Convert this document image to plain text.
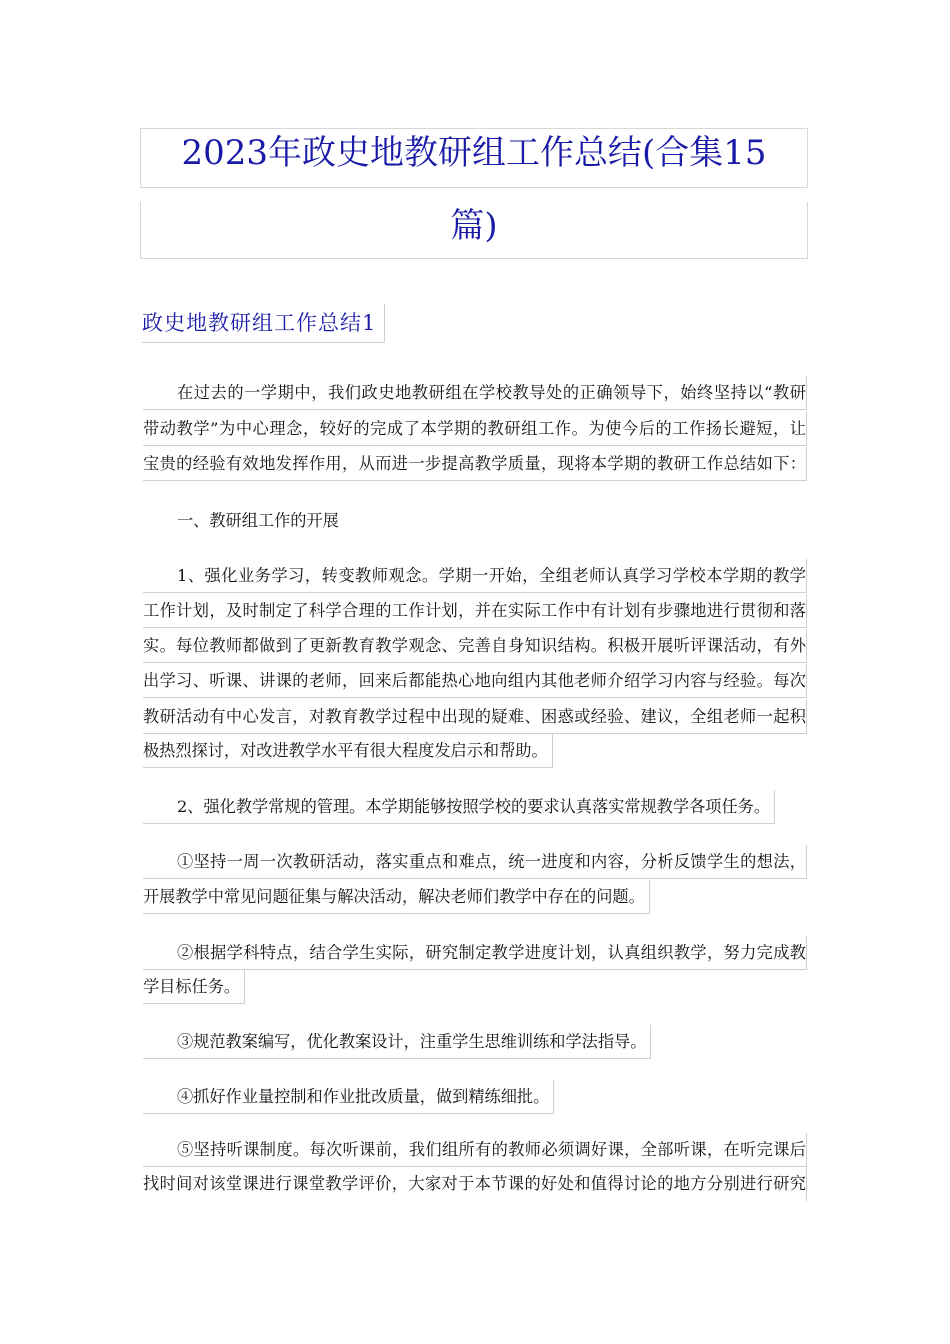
2023年政史地教研组工作总结(合集15
篇)
政史地教研组工作总结1
在过去的一学期中，我们政史地教研组在学校教导处的正确领导下，始终坚持以“教研
带动教学”为中心理念，较好的完成了本学期的教研组工作。为使今后的工作扬长避短，让
宝贵的经验有效地发挥作用，从而进一步提高教学质量，现将本学期的教研工作总结如下：
一、教研组工作的开展
1、强化业务学习，转变教师观念。学期一开始，全组老师认真学习学校本学期的教学
工作计划，及时制定了科学合理的工作计划，并在实际工作中有计划有步骤地进行贯彻和落
实。每位教师都做到了更新教育教学观念、完善自身知识结构。积极开展听评课活动，有外
出学习、听课、讲课的老师，回来后都能热心地向组内其他老师介绍学习内容与经验。每次
教研活动有中心发言，对教育教学过程中出现的疑难、困惑或经验、建议，全组老师一起积
极热烈探讨，对改进教学水平有很大程度发启示和帮助。
2、强化教学常规的管理。本学期能够按照学校的要求认真落实常规教学各项任务。
①坚持一周一次教研活动，落实重点和难点，统一进度和内容，分析反馈学生的想法，
开展教学中常见问题征集与解决活动，解决老师们教学中存在的问题。
②根据学科特点，结合学生实际，研究制定教学进度计划，认真组织教学，努力完成教
学目标任务。
③规范教案编写，优化教案设计，注重学生思维训练和学法指导。
④抓好作业量控制和作业批改质量，做到精练细批。
⑤坚持听课制度。每次听课前，我们组所有的教师必须调好课，全部听课，在听完课后
找时间对该堂课进行课堂教学评价，大家对于本节课的好处和值得讨论的地方分别进行研究
